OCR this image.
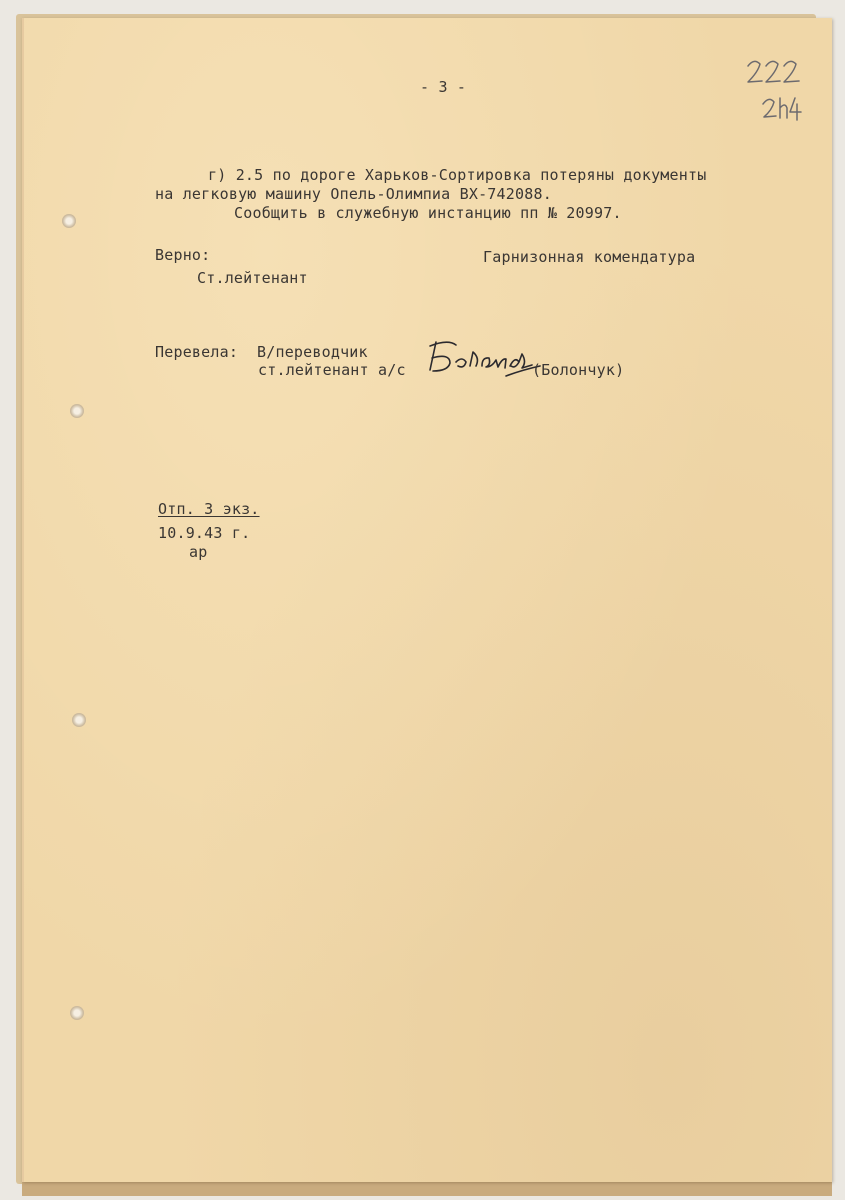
- 3 -

г) 2.5 по дороге Харьков-Сортировка потеряны документы

на легковую машину Опель-Олимпиа ВХ-742088.

Сообщить в служебную инстанцию пп № 20997.

Верно:	Гарнизонная комендатура

Ст.лейтенант

Перевела: В/переводчик

ст.лейтенант а/с	(Болончук)

Отп. 3 экз.

10.9.43 г.

ар
